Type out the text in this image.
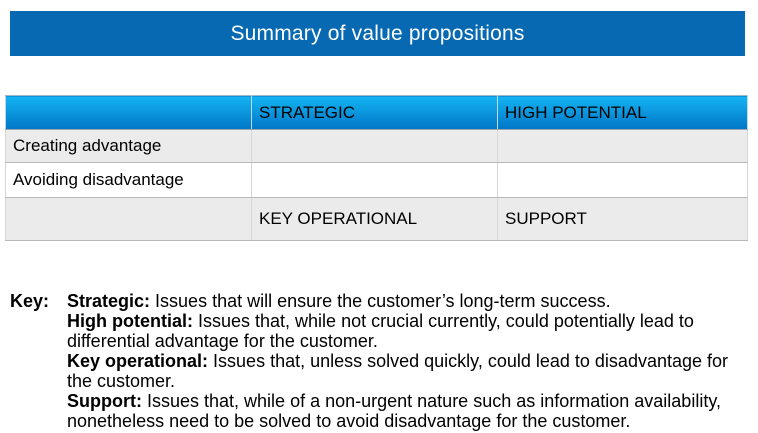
Summary of value propositions
	STRATEGIC	HIGH POTENTIAL
Creating advantage		
Avoiding disadvantage		
	KEY OPERATIONAL	SUPPORT
Key: Strategic: Issues that will ensure the customer’s long-term success.
High potential: Issues that, while not crucial currently, could potentially lead to differential advantage for the customer.
Key operational: Issues that, unless solved quickly, could lead to disadvantage for the customer.
Support: Issues that, while of a non-urgent nature such as information availability, nonetheless need to be solved to avoid disadvantage for the customer.
